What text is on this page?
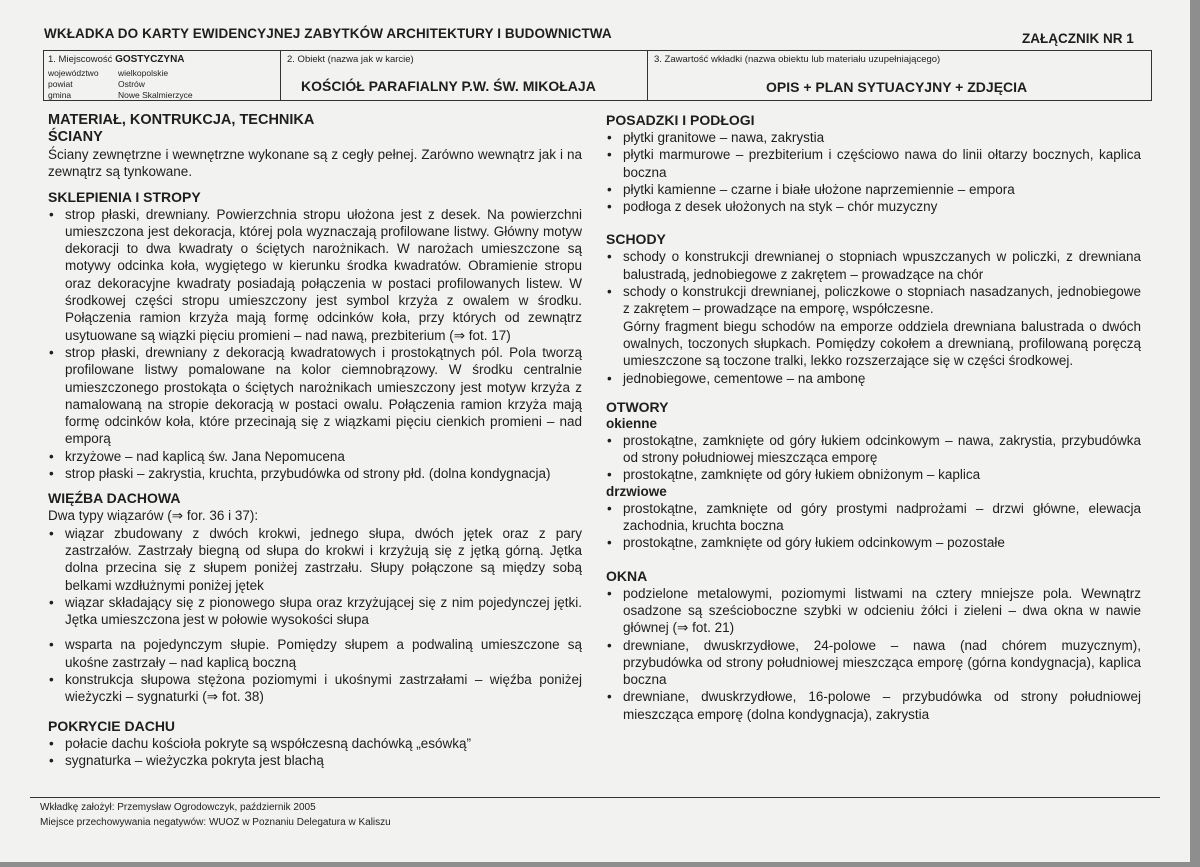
WKŁADKA DO KARTY EWIDENCYJNEJ ZABYTKÓW ARCHITEKTURY I BUDOWNICTWA	ZAŁĄCZNIK NR 1
1. Miejscowość GOSTYCZYNA
województwo wielkopolskie
powiat	Ostrów
gmina	Nowe Skalmierzyce
2. Obiekt (nazwa jak w karcie)
KOŚCIÓŁ PARAFIALNY P.W. ŚW. MIKOŁAJA
3. Zawartość wkładki (nazwa obiektu lub materiału uzupełniającego)
OPIS + PLAN SYTUACYJNY + ZDJĘCIA
MATERIAŁ, KONTRUKCJA, TECHNIKA
ŚCIANY
Ściany zewnętrzne i wewnętrzne wykonane są z cegły pełnej. Zarówno wewnątrz jak i na zewnątrz są tynkowane.
SKLEPIENIA I STROPY
• strop płaski, drewniany. Powierzchnia stropu ułożona jest z desek. Na powierzchni umieszczona jest dekoracja, której pola wyznaczają profilowane listwy. Główny motyw dekoracji to dwa kwadraty o ściętych narożnikach. W narożach umieszczone są motywy odcinka koła, wygiętego w kierunku środka kwadratów. Obramienie stropu oraz dekoracyjne kwadraty posiadają połączenia w postaci profilowanych listew. W środkowej części stropu umieszczony jest symbol krzyża z owalem w środku. Połączenia ramion krzyża mają formę odcinków koła, przy których od zewnątrz usytuowane są wiązki pięciu promieni – nad nawą, prezbiterium (⇒ fot. 17)
• strop płaski, drewniany z dekoracją kwadratowych i prostokątnych pól. Pola tworzą profilowane listwy pomalowane na kolor ciemnobrązowy. W środku centralnie umieszczonego prostokąta o ściętych narożnikach umieszczony jest motyw krzyża z namalowaną na stropie dekoracją w postaci owalu. Połączenia ramion krzyża mają formę odcinków koła, które przecinają się z wiązkami pięciu cienkich promieni – nad emporą
• krzyżowe – nad kaplicą św. Jana Nepomucena
• strop płaski – zakrystia, kruchta, przybudówka od strony płd. (dolna kondygnacja)
WIĘŹBA DACHOWA
Dwa typy wiązarów (⇒ for. 36 i 37):
• wiązar zbudowany z dwóch krokwi, jednego słupa, dwóch jętek oraz z pary zastrzałów. Zastrzały biegną od słupa do krokwi i krzyżują się z jętką górną. Jętka dolna przecina się z słupem poniżej zastrzału. Słupy połączone są między sobą belkami wzdłużnymi poniżej jętek
• wiązar składający się z pionowego słupa oraz krzyżującej się z nim pojedynczej jętki. Jętka umieszczona jest w połowie wysokości słupa
• wsparta na pojedynczym słupie. Pomiędzy słupem a podwaliną umieszczone są ukośne zastrzały – nad kaplicą boczną
• konstrukcja słupowa stężona poziomymi i ukośnymi zastrzałami – więźba poniżej wieżyczki – sygnaturki (⇒ fot. 38)
POKRYCIE DACHU
• połacie dachu kościoła pokryte są współczesną dachówką „esówką”
• sygnaturka – wieżyczka pokryta jest blachą
POSADZKI I PODŁOGI
• płytki granitowe – nawa, zakrystia
• płytki marmurowe – prezbiterium i częściowo nawa do linii ołtarzy bocznych, kaplica boczna
• płytki kamienne – czarne i białe ułożone naprzemiennie – empora
• podłoga z desek ułożonych na styk – chór muzyczny
SCHODY
• schody o konstrukcji drewnianej o stopniach wpuszczanych w policzki, z drewniana balustradą, jednobiegowe z zakrętem – prowadzące na chór
• schody o konstrukcji drewnianej, policzkowe o stopniach nasadzanych, jednobiegowe z zakrętem – prowadzące na emporę, współczesne.

Górny fragment biegu schodów na emporze oddziela drewniana balustrada o dwóch owalnych, toczonych słupkach. Pomiędzy cokołem a drewnianą, profilowaną poręczą umieszczone są toczone tralki, lekko rozszerzające się w części środkowej.
• jednobiegowe, cementowe – na ambonę
OTWORY
okienne
• prostokątne, zamknięte od góry łukiem odcinkowym – nawa, zakrystia, przybudówka od strony południowej mieszcząca emporę
• prostokątne, zamknięte od góry łukiem obniżonym – kaplica
drzwiowe
• prostokątne, zamknięte od góry prostymi nadprożami – drzwi główne, elewacja zachodnia, kruchta boczna
• prostokątne, zamknięte od góry łukiem odcinkowym – pozostałe
OKNA
• podzielone metalowymi, poziomymi listwami na cztery mniejsze pola. Wewnątrz osadzone są sześcioboczne szybki w odcieniu żółci i zieleni – dwa okna w nawie głównej (⇒ fot. 21)
• drewniane, dwuskrzydłowe, 24-polowe – nawa (nad chórem muzycznym), przybudówka od strony południowej mieszcząca emporę (górna kondygnacja), kaplica boczna
• drewniane, dwuskrzydłowe, 16-polowe – przybudówka od strony południowej mieszcząca emporę (dolna kondygnacja), zakrystia
Wkładkę założył: Przemysław Ogrodowczyk, październik 2005
Miejsce przechowywania negatywów: WUOZ w Poznaniu Delegatura w Kaliszu
